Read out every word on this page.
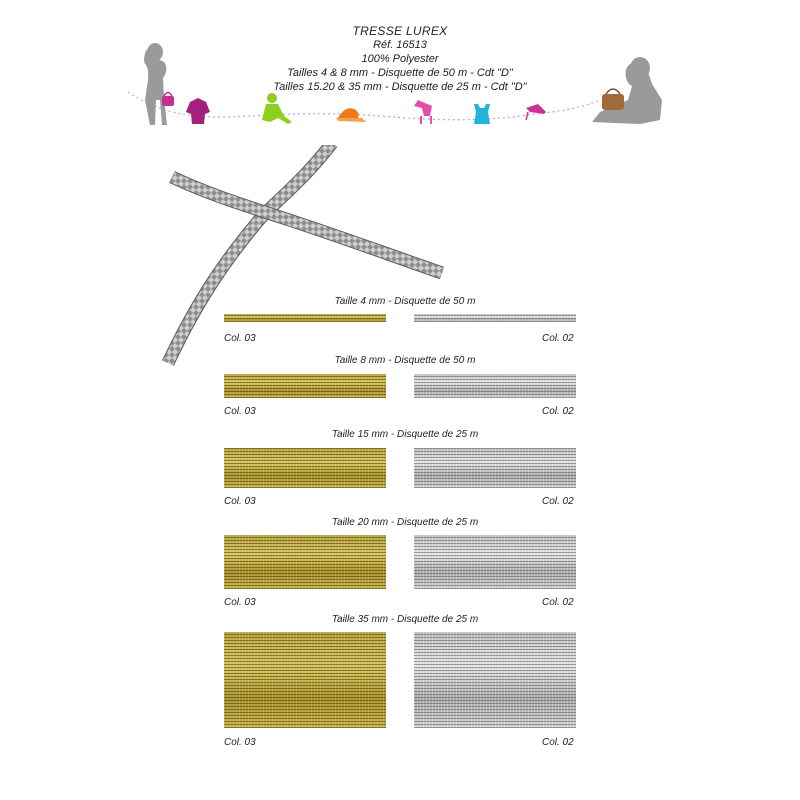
TRESSE LUREX
Réf. 16513
100% Polyester
Tailles 4 & 8 mm - Disquette de 50 m - Cdt "D"
Tailles 15.20 & 35 mm - Disquette de 25 m - Cdt "D"
Taille 4 mm - Disquette de 50 m
Col. 03	Col. 02
Taille 8 mm - Disquette de 50 m
Col. 03	Col. 02
Taille 15 mm - Disquette de 25 m
Col. 03	Col. 02
Taille 20 mm - Disquette de 25 m
Col. 03	Col. 02
Taille 35 mm - Disquette de 25 m
Col. 03	Col. 02
